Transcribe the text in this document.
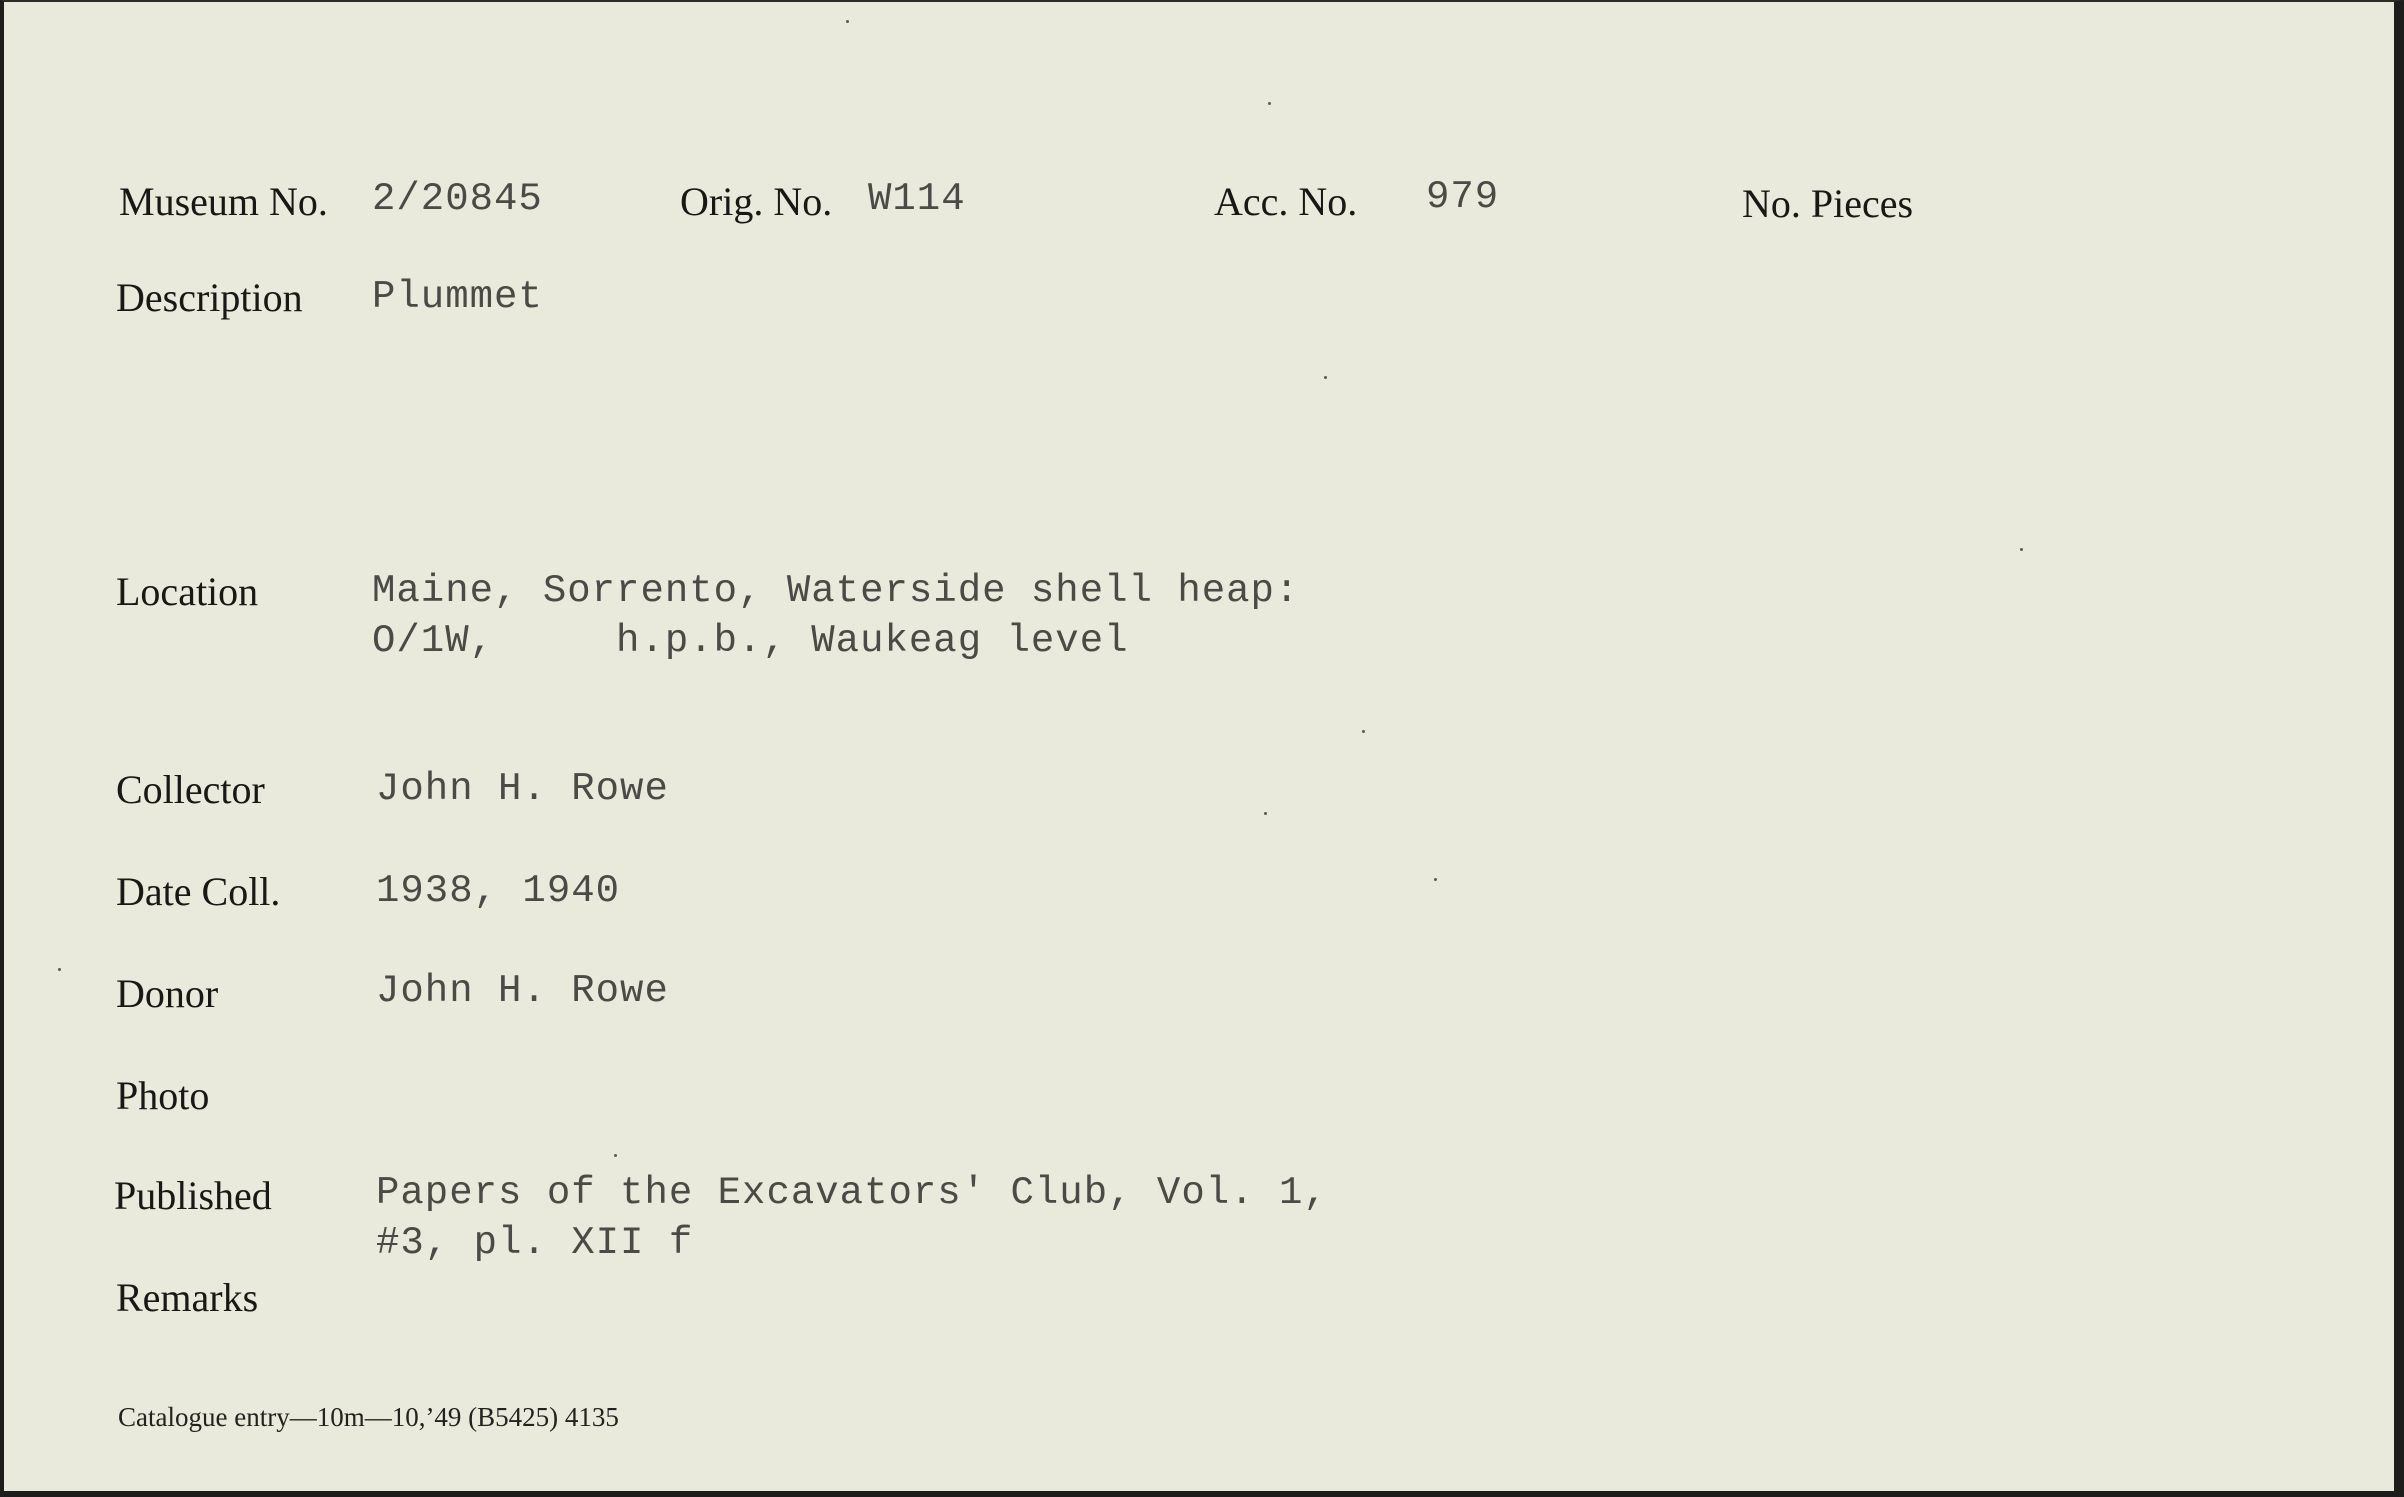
Museum No. 2/20845	Orig. No. W114	Acc. No. 979	No. Pieces
Description Plummet
Location	Maine, Sorrento, Waterside shell heap:
O/1W,     h.p.b., Waukeag level
Collector	John H. Rowe
Date Coll. 1938, 1940
Donor	John H. Rowe
Photo
Published	Papers of the Excavators' Club, Vol. 1,
#3, pl. XII f
Remarks
Catalogue entry—10m—10,’49 (B5425) 4135
